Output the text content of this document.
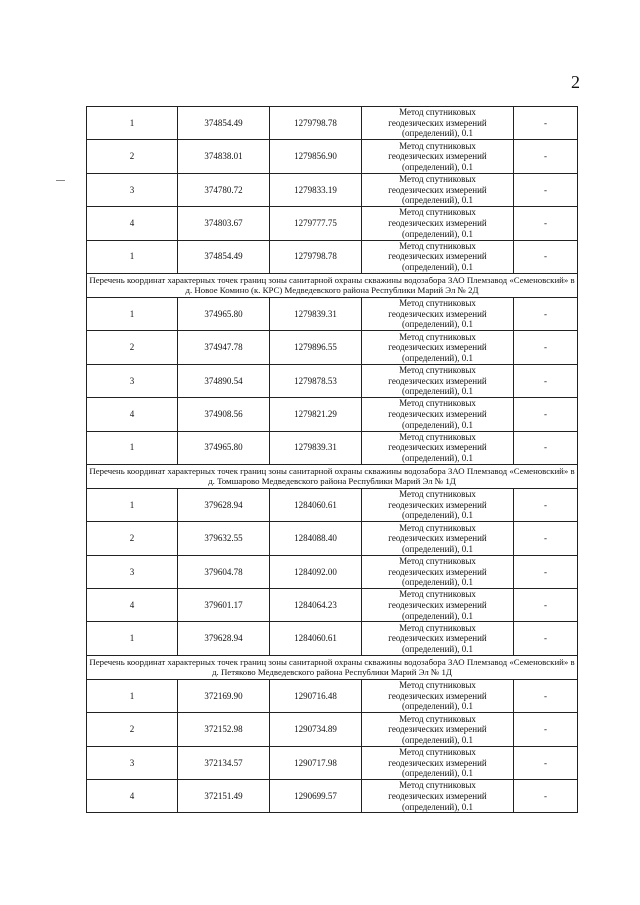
2
1	374854.49	1279798.78	Метод спутниковых
геодезических измерений
(определений), 0.1	-
2	374838.01	1279856.90	Метод спутниковых
геодезических измерений
(определений), 0.1	-
3	374780.72	1279833.19	Метод спутниковых
геодезических измерений
(определений), 0.1	-
4	374803.67	1279777.75	Метод спутниковых
геодезических измерений
(определений), 0.1	-
1	374854.49	1279798.78	Метод спутниковых
геодезических измерений
(определений), 0.1	-
Перечень координат характерных точек границ зоны санитарной охраны скважины водозабора ЗАО Племзавод «Семеновский» в д. Новое Комино (к. КРС) Медведевского района Республики Марий Эл № 2Д				
1	374965.80	1279839.31	Метод спутниковых
геодезических измерений
(определений), 0.1	-
2	374947.78	1279896.55	Метод спутниковых
геодезических измерений
(определений), 0.1	-
3	374890.54	1279878.53	Метод спутниковых
геодезических измерений
(определений), 0.1	-
4	374908.56	1279821.29	Метод спутниковых
геодезических измерений
(определений), 0.1	-
1	374965.80	1279839.31	Метод спутниковых
геодезических измерений
(определений), 0.1	-
Перечень координат характерных точек границ зоны санитарной охраны скважины водозабора ЗАО Племзавод «Семеновский» в д. Томшарово Медведевского района Республики Марий Эл № 1Д				
1	379628.94	1284060.61	Метод спутниковых
геодезических измерений
(определений), 0.1	-
2	379632.55	1284088.40	Метод спутниковых
геодезических измерений
(определений), 0.1	-
3	379604.78	1284092.00	Метод спутниковых
геодезических измерений
(определений), 0.1	-
4	379601.17	1284064.23	Метод спутниковых
геодезических измерений
(определений), 0.1	-
1	379628.94	1284060.61	Метод спутниковых
геодезических измерений
(определений), 0.1	-
Перечень координат характерных точек границ зоны санитарной охраны скважины водозабора ЗАО Племзавод «Семеновский» в д. Петяково Медведевского района Республики Марий Эл № 1Д				
1	372169.90	1290716.48	Метод спутниковых
геодезических измерений
(определений), 0.1	-
2	372152.98	1290734.89	Метод спутниковых
геодезических измерений
(определений), 0.1	-
3	372134.57	1290717.98	Метод спутниковых
геодезических измерений
(определений), 0.1	-
4	372151.49	1290699.57	Метод спутниковых
геодезических измерений
(определений), 0.1	-
